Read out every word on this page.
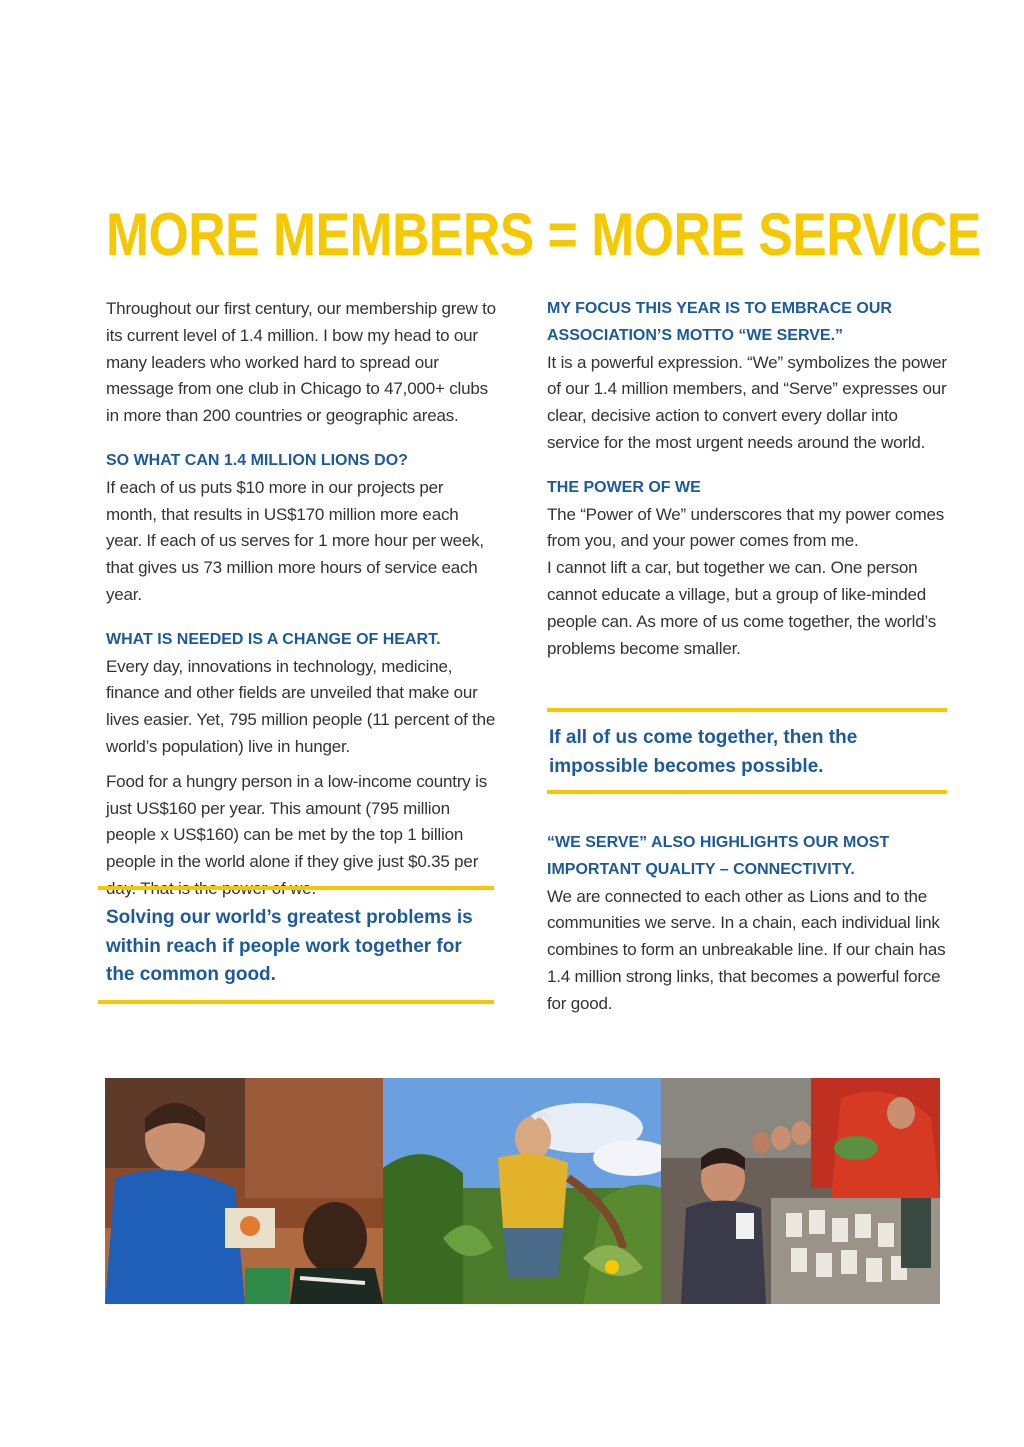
MORE MEMBERS = MORE SERVICE

Throughout our first century, our membership grew to its current level of 1.4 million. I bow my head to our many leaders who worked hard to spread our message from one club in Chicago to 47,000+ clubs in more than 200 countries or geographic areas.

SO WHAT CAN 1.4 MILLION LIONS DO?

If each of us puts $10 more in our projects per month, that results in US$170 million more each year. If each of us serves for 1 more hour per week, that gives us 73 million more hours of service each year.

WHAT IS NEEDED IS A CHANGE OF HEART.

Every day, innovations in technology, medicine, finance and other fields are unveiled that make our lives easier. Yet, 795 million people (11 percent of the world’s population) live in hunger.

Food for a hungry person in a low-income country is just US$160 per year. This amount (795 million people x US$160) can be met by the top 1 billion people in the world alone if they give just $0.35 per day. That is the power of we.

Solving our world’s greatest problems is within reach if people work together for the common good.

MY FOCUS THIS YEAR IS TO EMBRACE OUR ASSOCIATION’S MOTTO “WE SERVE.”

It is a powerful expression. “We” symbolizes the power of our 1.4 million members, and “Serve” expresses our clear, decisive action to convert every dollar into service for the most urgent needs around the world.

THE POWER OF WE

The “Power of We” underscores that my power comes from you, and your power comes from me.

I cannot lift a car, but together we can. One person cannot educate a village, but a group of like-minded people can. As more of us come together, the world’s problems become smaller.

If all of us come together, then the impossible becomes possible.

“WE SERVE” ALSO HIGHLIGHTS OUR MOST IMPORTANT QUALITY – CONNECTIVITY.

We are connected to each other as Lions and to the communities we serve. In a chain, each individual link combines to form an unbreakable line. If our chain has 1.4 million strong links, that becomes a powerful force for good.
